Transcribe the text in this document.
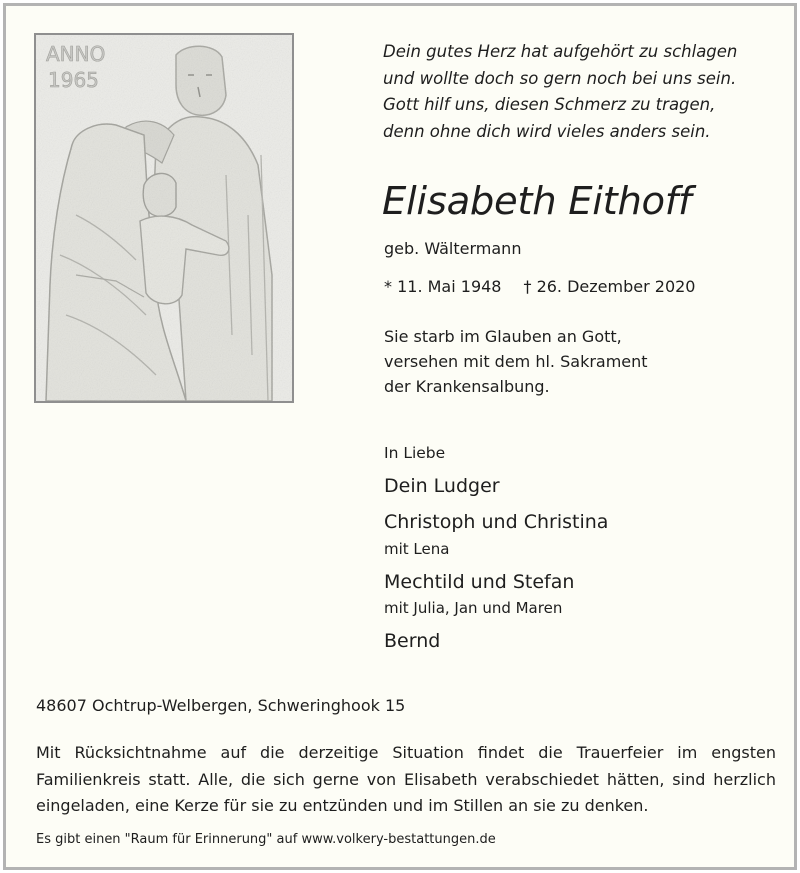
Dein gutes Herz hat aufgehört zu schlagen
und wollte doch so gern noch bei uns sein.
Gott hilf uns, diesen Schmerz zu tragen,
denn ohne dich wird vieles anders sein.
Elisabeth Eithoff
geb. Wältermann
* 11. Mai 1948 † 26. Dezember 2020
Sie starb im Glauben an Gott,
versehen mit dem hl. Sakrament
der Krankensalbung.
In Liebe
Dein Ludger
Christoph und Christina
mit Lena
Mechtild und Stefan
mit Julia, Jan und Maren
Bernd
48607 Ochtrup-Welbergen, Schweringhook 15
Mit Rücksichtnahme auf die derzeitige Situation findet die Trauerfeier im engsten Familienkreis statt. Alle, die sich gerne von Elisabeth verabschiedet hätten, sind herzlich eingeladen, eine Kerze für sie zu entzünden und im Stillen an sie zu denken.
Es gibt einen "Raum für Erinnerung" auf www.volkery-bestattungen.de
